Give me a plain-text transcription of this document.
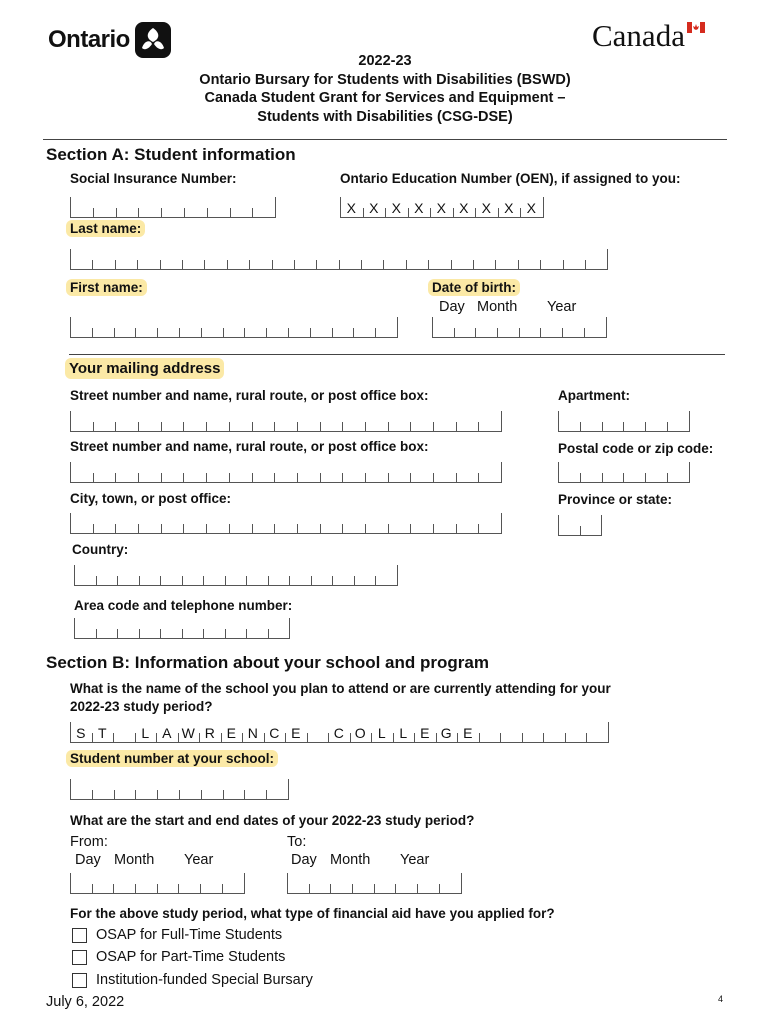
Ontario	Canada
2022-23
Ontario Bursary for Students with Disabilities (BSWD)
Canada Student Grant for Services and Equipment –
Students with Disabilities (CSG-DSE)
Section A: Student information
Social Insurance Number:	Ontario Education Number (OEN), if assigned to you:
X X X X X X X X X
Last name:
First name:	Date of birth:
Day Month Year
Your mailing address
Street number and name, rural route, or post office box:	Apartment:
Street number and name, rural route, or post office box:	Postal code or zip code:
City, town, or post office:	Province or state:
Country:
Area code and telephone number:
Section B: Information about your school and program
What is the name of the school you plan to attend or are currently attending for your
2022-23 study period?
S T	L A W R E N C E	C O L L E G E
Student number at your school:
What are the start and end dates of your 2022-23 study period?
From:	To:
Day Month Year	Day Month Year
For the above study period, what type of financial aid have you applied for?
OSAP for Full-Time Students
OSAP for Part-Time Students
Institution-funded Special Bursary
July 6, 2022	4
